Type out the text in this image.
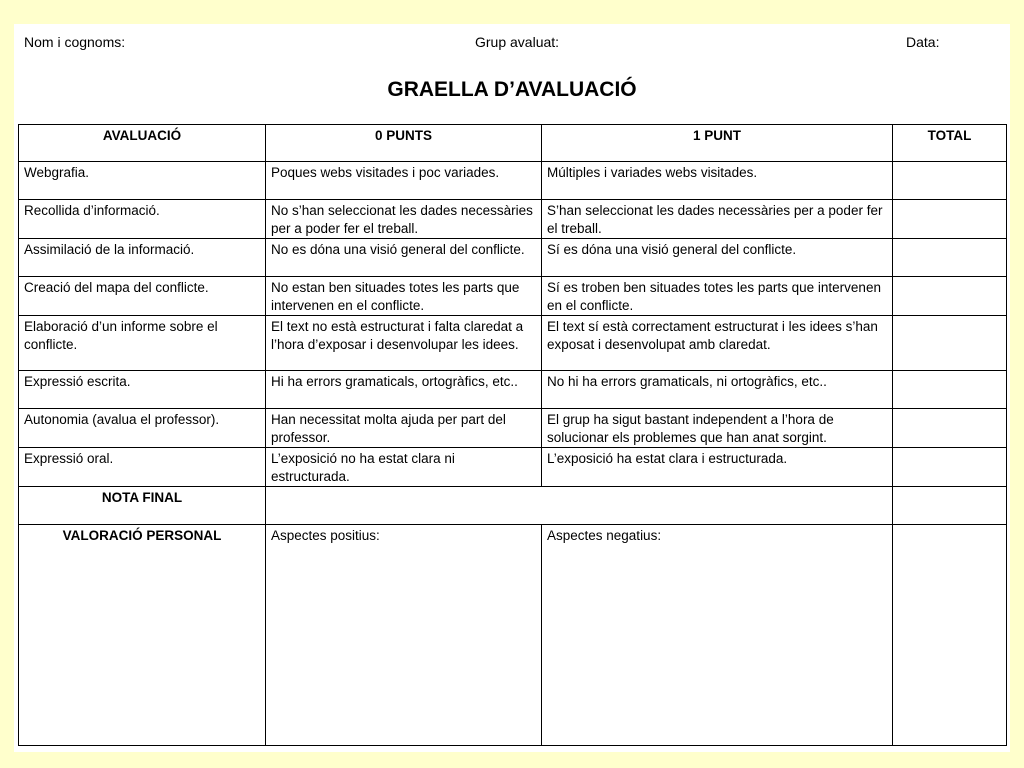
Nom i cognoms:	Grup avaluat:	Data:
GRAELLA D’AVALUACIÓ
AVALUACIÓ	0 PUNTS	1 PUNT	TOTAL
Webgrafia.	Poques webs visitades i poc variades.	Múltiples i variades webs visitades.	
Recollida d’informació.	No s’han seleccionat les dades necessàries per a poder fer el treball.	S’han seleccionat les dades necessàries per a poder fer el treball.	
Assimilació de la informació.	No es dóna una visió general del conflicte.	Sí es dóna una visió general del conflicte.	
Creació del mapa del conflicte.	No estan ben situades totes les parts que intervenen en el conflicte.	Sí es troben ben situades totes les parts que intervenen en el conflicte.	
Elaboració d’un informe sobre el conflicte.	El text no està estructurat i falta claredat a l’hora d’exposar i desenvolupar les idees.	El text sí està correctament estructurat i les idees s’han exposat i desenvolupat amb claredat.	
Expressió escrita.	Hi ha errors gramaticals, ortogràfics, etc..	No hi ha errors gramaticals, ni ortogràfics, etc..	
Autonomia (avalua el professor).	Han necessitat molta ajuda per part del professor.	El grup ha sigut bastant independent a l’hora de solucionar els problemes que han anat sorgint.	
Expressió oral.	L’exposició no ha estat clara ni estructurada.	L’exposició ha estat clara i estructurada.	
NOTA FINAL			
VALORACIÓ PERSONAL	Aspectes positius:	Aspectes negatius:	
